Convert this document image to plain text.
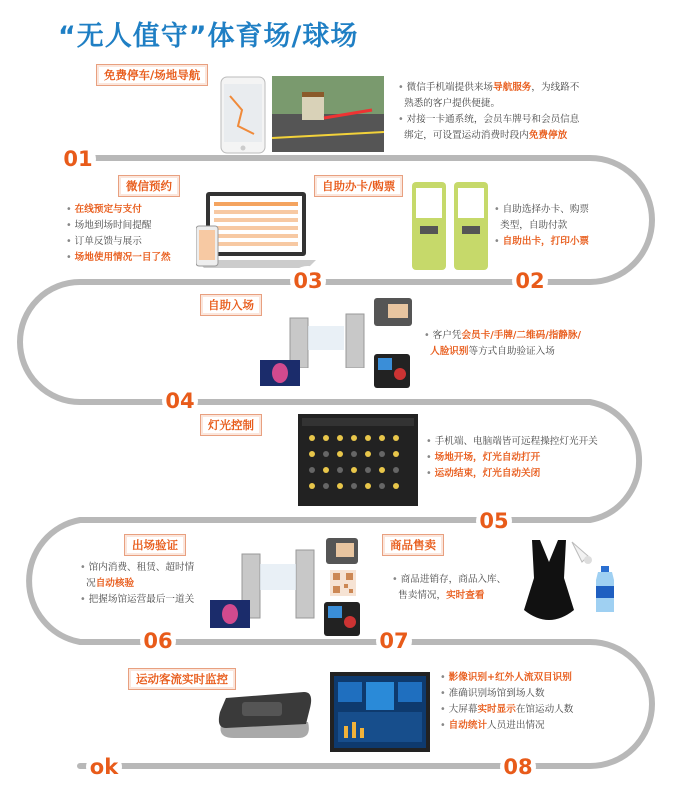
“无人值守”体育场/球场
免费停车/场地导航
• 微信手机端提供来场导航服务，为线路不
熟悉的客户提供便捷。
• 对接一卡通系统，会员车牌号和会员信息
绑定，可设置运动消费时段内免费停放
01
微信预约
• 在线预定与支付
• 场地到场时间提醒
• 订单反馈与展示
• 场地使用情况一目了然
自助办卡/购票
• 自助选择办卡、购票
类型，自助付款
• 自助出卡，打印小票
03	02
自助入场
• 客户凭会员卡/手牌/二维码/指静脉/
人脸识别等方式自助验证入场
04
灯光控制
• 手机端、电脑端皆可远程操控灯光开关
• 场地开场，灯光自动打开
• 运动结束，灯光自动关闭
05
出场验证
• 馆内消费、租赁、超时情
况自动核验
• 把握场馆运营最后一道关
商品售卖
• 商品进销存，商品入库、
售卖情况，实时查看
06	07
运动客流实时监控	• 影像识别+红外人流双目识别
• 准确识别场馆到场人数
• 大屏幕实时显示在馆运动人数
• 自动统计人员进出情况
ok	08
